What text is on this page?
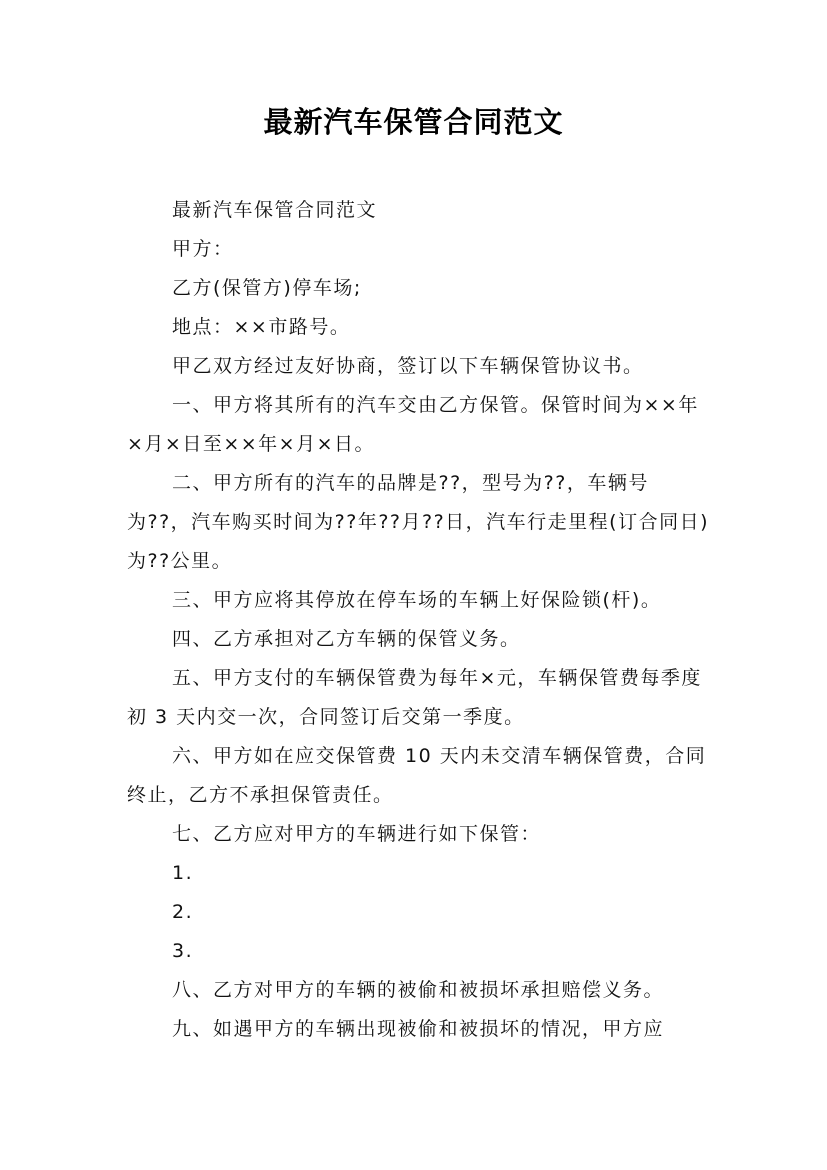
最新汽车保管合同范文

最新汽车保管合同范文

甲方：

乙方(保管方)停车场;

地点：××市路号。

甲乙双方经过友好协商，签订以下车辆保管协议书。

一、甲方将其所有的汽车交由乙方保管。保管时间为××年×月×日至××年×月×日。

二、甲方所有的汽车的品牌是??，型号为??，车辆号为??，汽车购买时间为??年??月??日，汽车行走里程(订合同日)为??公里。

三、甲方应将其停放在停车场的车辆上好保险锁(杆)。

四、乙方承担对乙方车辆的保管义务。

五、甲方支付的车辆保管费为每年×元，车辆保管费每季度初 3 天内交一次，合同签订后交第一季度。

六、甲方如在应交保管费 10 天内未交清车辆保管费，合同终止，乙方不承担保管责任。

七、乙方应对甲方的车辆进行如下保管：

1.

2.

3.

八、乙方对甲方的车辆的被偷和被损坏承担赔偿义务。

九、如遇甲方的车辆出现被偷和被损坏的情况，甲方应
